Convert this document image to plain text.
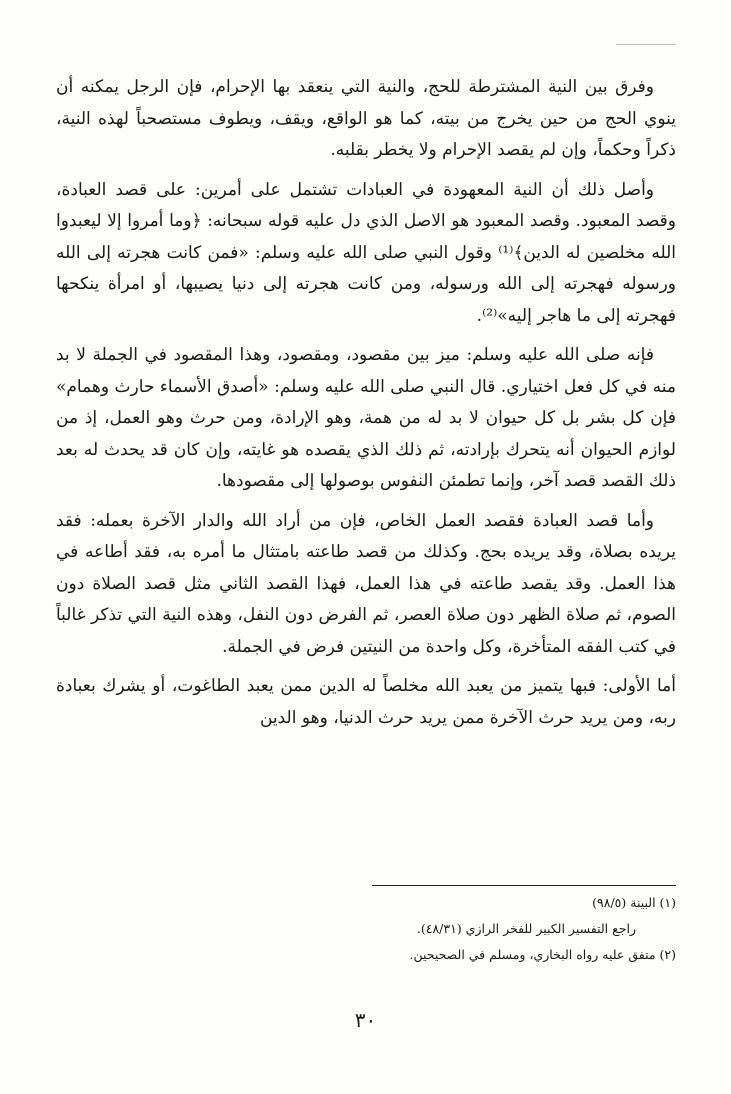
وفرق بين النية المشترطة للحج، والنية التي ينعقد بها الإحرام، فإن الرجل يمكنه أن ينوي الحج من حين يخرج من بيته، كما هو الواقع، ويقف، ويطوف مستصحباً لهذه النية، ذكراً وحكماً، وإن لم يقصد الإحرام ولا يخطر بقلبه.

وأصل ذلك أن النية المعهودة في العبادات تشتمل على أمرين: على قصد العبادة، وقصد المعبود. وقصد المعبود هو الاصل الذي دل عليه قوله سبحانه: ﴿وما أمروا إلا ليعبدوا الله مخلصين له الدين﴾⁽¹⁾ وقول النبي صلى الله عليه وسلم: «فمن كانت هجرته إلى الله ورسوله فهجرته إلى الله ورسوله، ومن كانت هجرته إلى دنيا يصيبها، أو امرأة ينكحها فهجرته إلى ما هاجر إليه»⁽²⁾.

فإنه صلى الله عليه وسلم: ميز بين مقصود، ومقصود، وهذا المقصود في الجملة لا بد منه في كل فعل اختياري. قال النبي صلى الله عليه وسلم: «أصدق الأسماء حارث وهمام» فإن كل بشر بل كل حيوان لا بد له من همة، وهو الإرادة، ومن حرث وهو العمل، إذ من لوازم الحيوان أنه يتحرك بإرادته، ثم ذلك الذي يقصده هو غايته، وإن كان قد يحدث له بعد ذلك القصد قصد آخر، وإنما تطمئن النفوس بوصولها إلى مقصودها.

وأما قصد العبادة فقصد العمل الخاص، فإن من أراد الله والدار الآخرة بعمله: فقد يريده بصلاة، وقد يريده بحج. وكذلك من قصد طاعته بامتثال ما أمره به، فقد أطاعه في هذا العمل. وقد يقصد طاعته في هذا العمل، فهذا القصد الثاني مثل قصد الصلاة دون الصوم، ثم صلاة الظهر دون صلاة العصر، ثم الفرض دون النفل، وهذه النية التي تذكر غالباً في كتب الفقه المتأخرة، وكل واحدة من النيتين فرض في الجملة.

أما الأولى: فبها يتميز من يعبد الله مخلصاً له الدين ممن يعبد الطاغوت، أو يشرك بعبادة ربه، ومن يريد حرث الآخرة ممن يريد حرث الدنيا، وهو الدين

(١) البينة (٩٨/٥)
راجع التفسير الكبير للفخر الرازي (٤٨/٣١).
(٢) متفق عليه رواه البخاري، ومسلم في الصحيحين.
٣٠
